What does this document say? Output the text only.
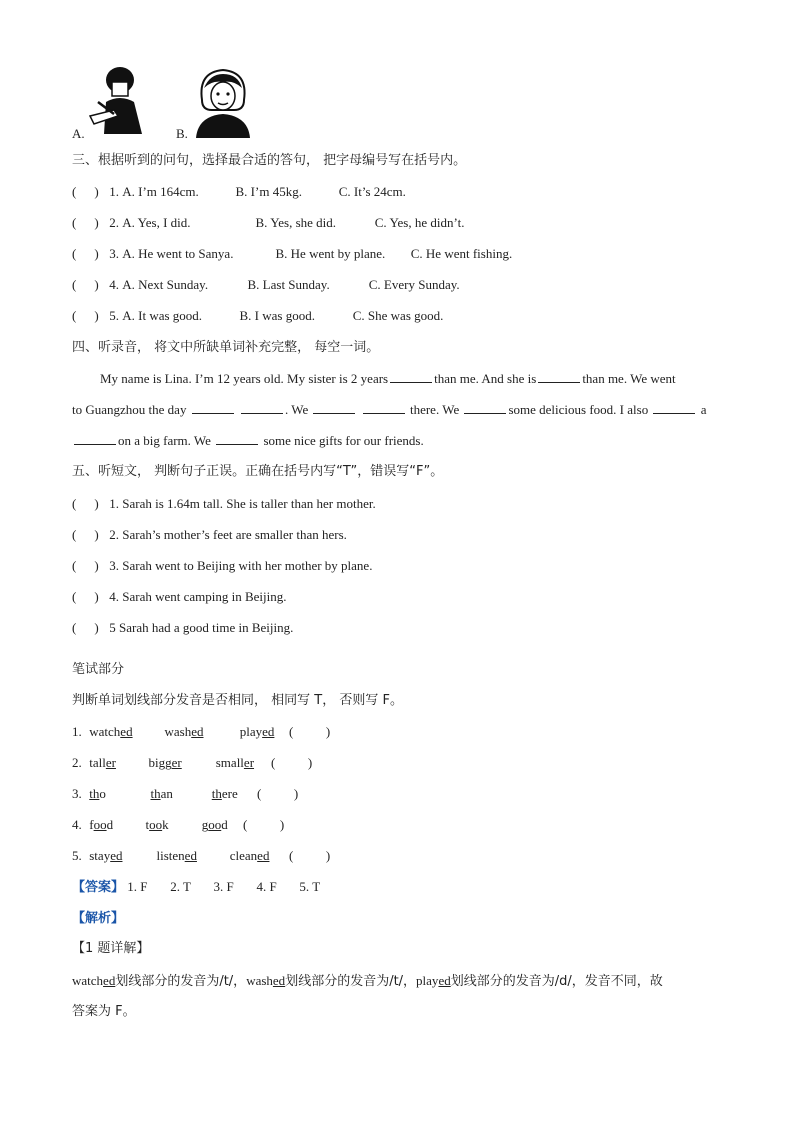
A.	B.
三、根据听到的问句，选择最合适的答句， 把字母编号写在括号内。
( ) 1. A. I’m 164cm.	B. I’m 45kg.	C. It’s 24cm.
( ) 2. A. Yes, I did.	B. Yes, she did.	C. Yes, he didn’t.
( ) 3. A. He went to Sanya.	B. He went by plane. C. He went fishing.
( ) 4. A. Next Sunday.	B. Last Sunday.	C. Every Sunday.
( ) 5. A. It was good.	B. I was good.	C. She was good.
四、听录音， 将文中所缺单词补充完整， 每空一词。
My name is Lina. I’m 12 years old. My sister is 2 years	than me. And she is	than me. We went
to Guangzhou the day	. We	there. We	some delicious food. I also	a
on a big farm. We	some nice gifts for our friends.
五、听短文， 判断句子正误。正确在括号内写“T”，错误写“F”。
( ) 1. Sarah is 1.64m tall. She is taller than her mother.
( ) 2. Sarah’s mother’s feet are smaller than hers.
( ) 3. Sarah went to Beijing with her mother by plane.
( ) 4. Sarah went camping in Beijing.
( ) 5 Sarah had a good time in Beijing.
笔试部分
判断单词划线部分发音是否相同， 相同写 T， 否则写 F。
1. watched washed	played (          )
2. taller	bigger	smaller (          )
3. tho	than	there (          )
4. food took	good (          )
5. stayed	listened	cleaned (          )
【答案】 1. F       2. T       3. F       4. F       5. T
【解析】
【1 题详解】
watched划线部分的发音为/t/，washed划线部分的发音为/t/，played划线部分的发音为/d/，发音不同，故
答案为 F。
